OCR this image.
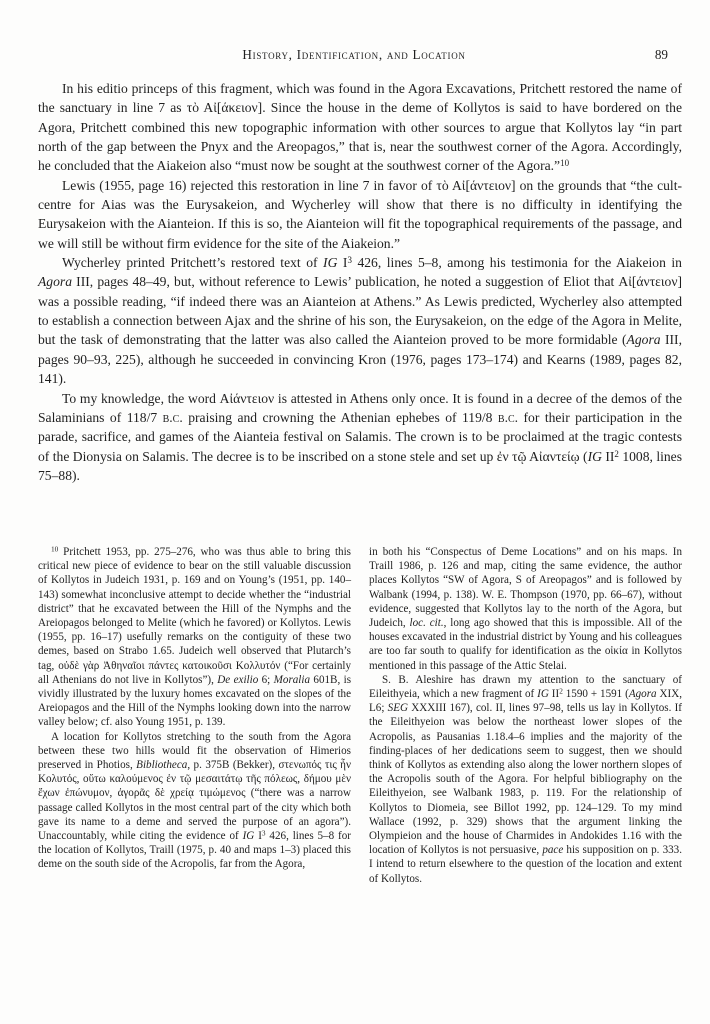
History, Identification, and Location	89

In his editio princeps of this fragment, which was found in the Agora Excavations, Pritchett restored the name of the sanctuary in line 7 as τὸ Αἰ[άκειον]. Since the house in the deme of Kollytos is said to have bordered on the Agora, Pritchett combined this new topographic information with other sources to argue that Kollytos lay “in part north of the gap between the Pnyx and the Areopagos,” that is, near the southwest corner of the Agora. Accordingly, he concluded that the Aiakeion also “must now be sought at the southwest corner of the Agora.”$^{10}$

Lewis (1955, page 16) rejected this restoration in line 7 in favor of τὸ Αἰ[άντειον] on the grounds that “the cult-centre for Aias was the Eurysakeion, and Wycherley will show that there is no difficulty in identifying the Eurysakeion with the Aianteion. If this is so, the Aianteion will fit the topographical requirements of the passage, and we will still be without firm evidence for the site of the Aiakeion.”

Wycherley printed Pritchett’s restored text of IG $I^3$ 426, lines 5–8, among his testimonia for the Aiakeion in Agora III, pages 48–49, but, without reference to Lewis’ publication, he noted a suggestion of Eliot that Αἰ[άντειον] was a possible reading, “if indeed there was an Aianteion at Athens.” As Lewis predicted, Wycherley also attempted to establish a connection between Ajax and the shrine of his son, the Eurysakeion, on the edge of the Agora in Melite, but the task of demonstrating that the latter was also called the Aianteion proved to be more formidable (Agora III, pages 90–93, 225), although he succeeded in convincing Kron (1976, pages 173–174) and Kearns (1989, pages 82, 141).

To my knowledge, the word Αἰάντειον is attested in Athens only once. It is found in a decree of the demos of the Salaminians of 118/7 b.c. praising and crowning the Athenian ephebes of 119/8 b.c. for their participation in the parade, sacrifice, and games of the Aianteia festival on Salamis. The crown is to be proclaimed at the tragic contests of the Dionysia on Salamis. The decree is to be inscribed on a stone stele and set up ἐν τῷ Αἰαντείῳ (IG $II^2$ 1008, lines 75–88).

$^{10}$ Pritchett 1953, pp. 275–276, who was thus able to bring this critical new piece of evidence to bear on the still valuable discussion of Kollytos in Judeich 1931, p. 169 and on Young’s (1951, pp. 140–143) somewhat inconclusive attempt to decide whether the “industrial district” that he excavated between the Hill of the Nymphs and the Areiopagos belonged to Melite (which he favored) or Kollytos. Lewis (1955, pp. 16–17) usefully remarks on the contiguity of these two demes, based on Strabo 1.65. Judeich well observed that Plutarch’s tag, οὐδὲ γὰρ Ἀθηναῖοι πάντες κατοικοῦσι Κολλυτόν (“For certainly all Athenians do not live in Kollytos”), De exilio 6; Moralia 601B, is vividly illustrated by the luxury homes excavated on the slopes of the Areiopagos and the Hill of the Nymphs looking down into the narrow valley below; cf. also Young 1951, p. 139.

A location for Kollytos stretching to the south from the Agora between these two hills would fit the observation of Himerios preserved in Photios, Bibliotheca, p. 375B (Bekker), στενωπός τις ἦν Κολυτός, οὕτω καλούμενος ἐν τῷ μεσαιτάτῳ τῆς πόλεως, δήμου μὲν ἔχων ἐπώνυμον, ἀγορᾶς δὲ χρείᾳ τιμώμενος (“there was a narrow passage called Kollytos in the most central part of the city which both gave its name to a deme and served the purpose of an agora”). Unaccountably, while citing the evidence of IG $I^3$ 426, lines 5–8 for the location of Kollytos, Traill (1975, p. 40 and maps 1–3) placed this deme on the south side of the Acropolis, far from the Agora,

in both his “Conspectus of Deme Locations” and on his maps. In Traill 1986, p. 126 and map, citing the same evidence, the author places Kollytos “SW of Agora, S of Areopagos” and is followed by Walbank (1994, p. 138). W. E. Thompson (1970, pp. 66–67), without evidence, suggested that Kollytos lay to the north of the Agora, but Judeich, loc. cit., long ago showed that this is impossible. All of the houses excavated in the industrial district by Young and his colleagues are too far south to qualify for identification as the οἰκία in Kollytos mentioned in this passage of the Attic Stelai.

S. B. Aleshire has drawn my attention to the sanctuary of Eileithyeia, which a new fragment of IG $II^2$ 1590 + 1591 (Agora XIX, L6; SEG XXXIII 167), col. II, lines 97–98, tells us lay in Kollytos. If the Eileithyeion was below the northeast lower slopes of the Acropolis, as Pausanias 1.18.4–6 implies and the majority of the finding-places of her dedications seem to suggest, then we should think of Kollytos as extending also along the lower northern slopes of the Acropolis south of the Agora. For helpful bibliography on the Eileithyeion, see Walbank 1983, p. 119. For the relationship of Kollytos to Diomeia, see Billot 1992, pp. 124–129. To my mind Wallace (1992, p. 329) shows that the argument linking the Olympieion and the house of Charmides in Andokides 1.16 with the location of Kollytos is not persuasive, pace his supposition on p. 333. I intend to return elsewhere to the question of the location and extent of Kollytos.
